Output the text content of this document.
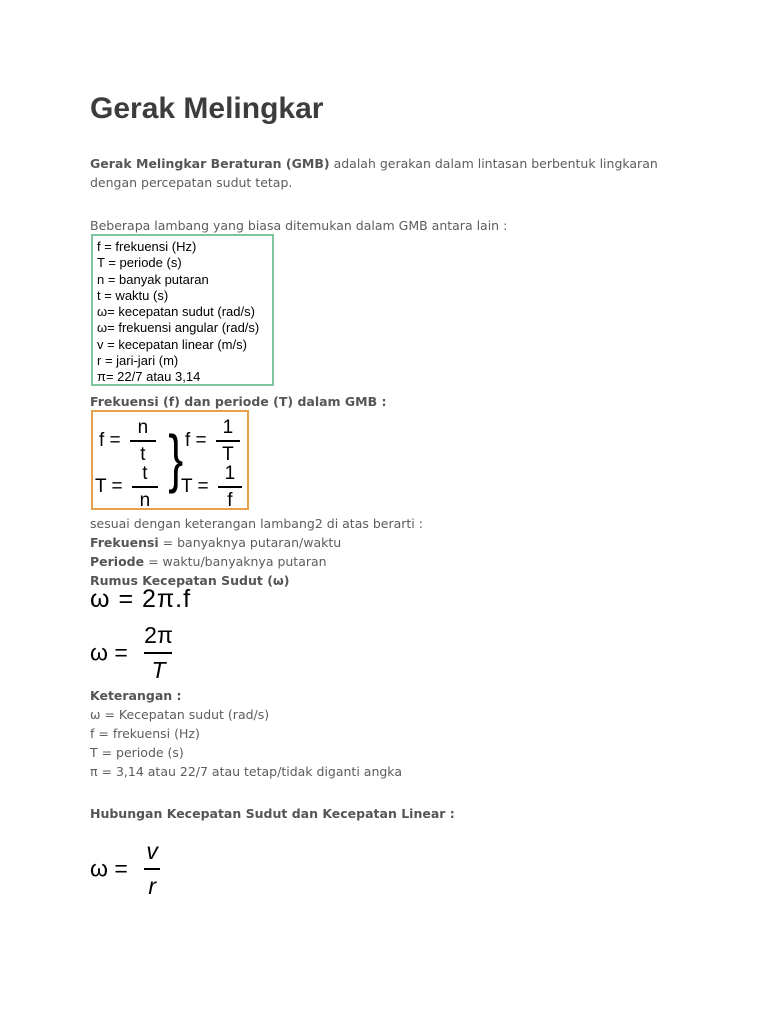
Gerak Melingkar
Gerak Melingkar Beraturan (GMB) adalah gerakan dalam lintasan berbentuk lingkaran
dengan percepatan sudut tetap.
Beberapa lambang yang biasa ditemukan dalam GMB antara lain :
f = frekuensi (Hz)
T = periode (s)
n = banyak putaran
t = waktu (s)
ω= kecepatan sudut (rad/s)
ω= frekuensi angular (rad/s)
v = kecepatan linear (m/s)
r = jari-jari (m)
π= 22/7 atau 3,14
Frekuensi (f) dan periode (T) dalam GMB :
$f = \frac{n}{t}$
$T = \frac{t}{n}$ } $f = \frac{1}{T}$
$T = \frac{1}{f}$
sesuai dengan keterangan lambang2 di atas berarti :
Frekuensi = banyaknya putaran/waktu
Periode = waktu/banyaknya putaran
Rumus Kecepatan Sudut (ω)
ω = 2π.f
$\omega = \frac{2\pi}{T}$
Keterangan :
ω = Kecepatan sudut (rad/s)
f = frekuensi (Hz)
T = periode (s)
π = 3,14 atau 22/7 atau tetap/tidak diganti angka
Hubungan Kecepatan Sudut dan Kecepatan Linear :
$\omega = \frac{v}{r}$
